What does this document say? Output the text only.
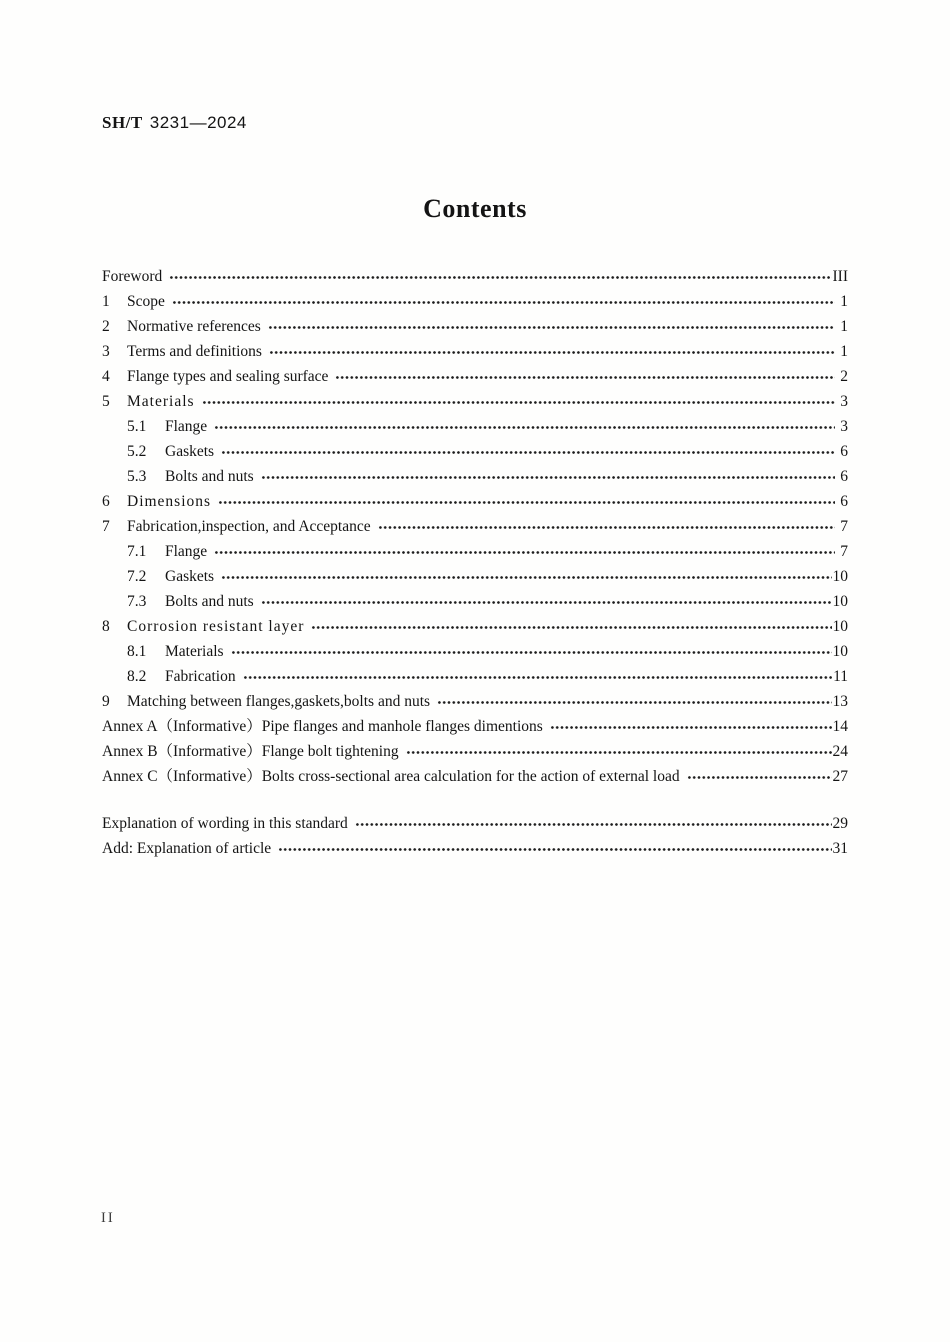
SH/T 3231—2024
Contents
Foreword	III
1	Scope	1
2	Normative references	1
3	Terms and definitions	1
4	Flange types and sealing surface	2
5	Materials	3
5.1	Flange	3
5.2	Gaskets	6
5.3	Bolts and nuts	6
6	Dimensions	6
7	Fabrication,inspection, and Acceptance	7
7.1	Flange	7
7.2	Gaskets	10
7.3	Bolts and nuts	10
8	Corrosion resistant layer	10
8.1	Materials	10
8.2	Fabrication	11
9	Matching between flanges,gaskets,bolts and nuts	13
Annex A（Informative）Pipe flanges and manhole flanges dimentions	14
Annex B（Informative）Flange bolt tightening	24
Annex C（Informative）Bolts cross-sectional area calculation for the action of external load	27
Explanation of wording in this standard	29
Add: Explanation of article	31
II
